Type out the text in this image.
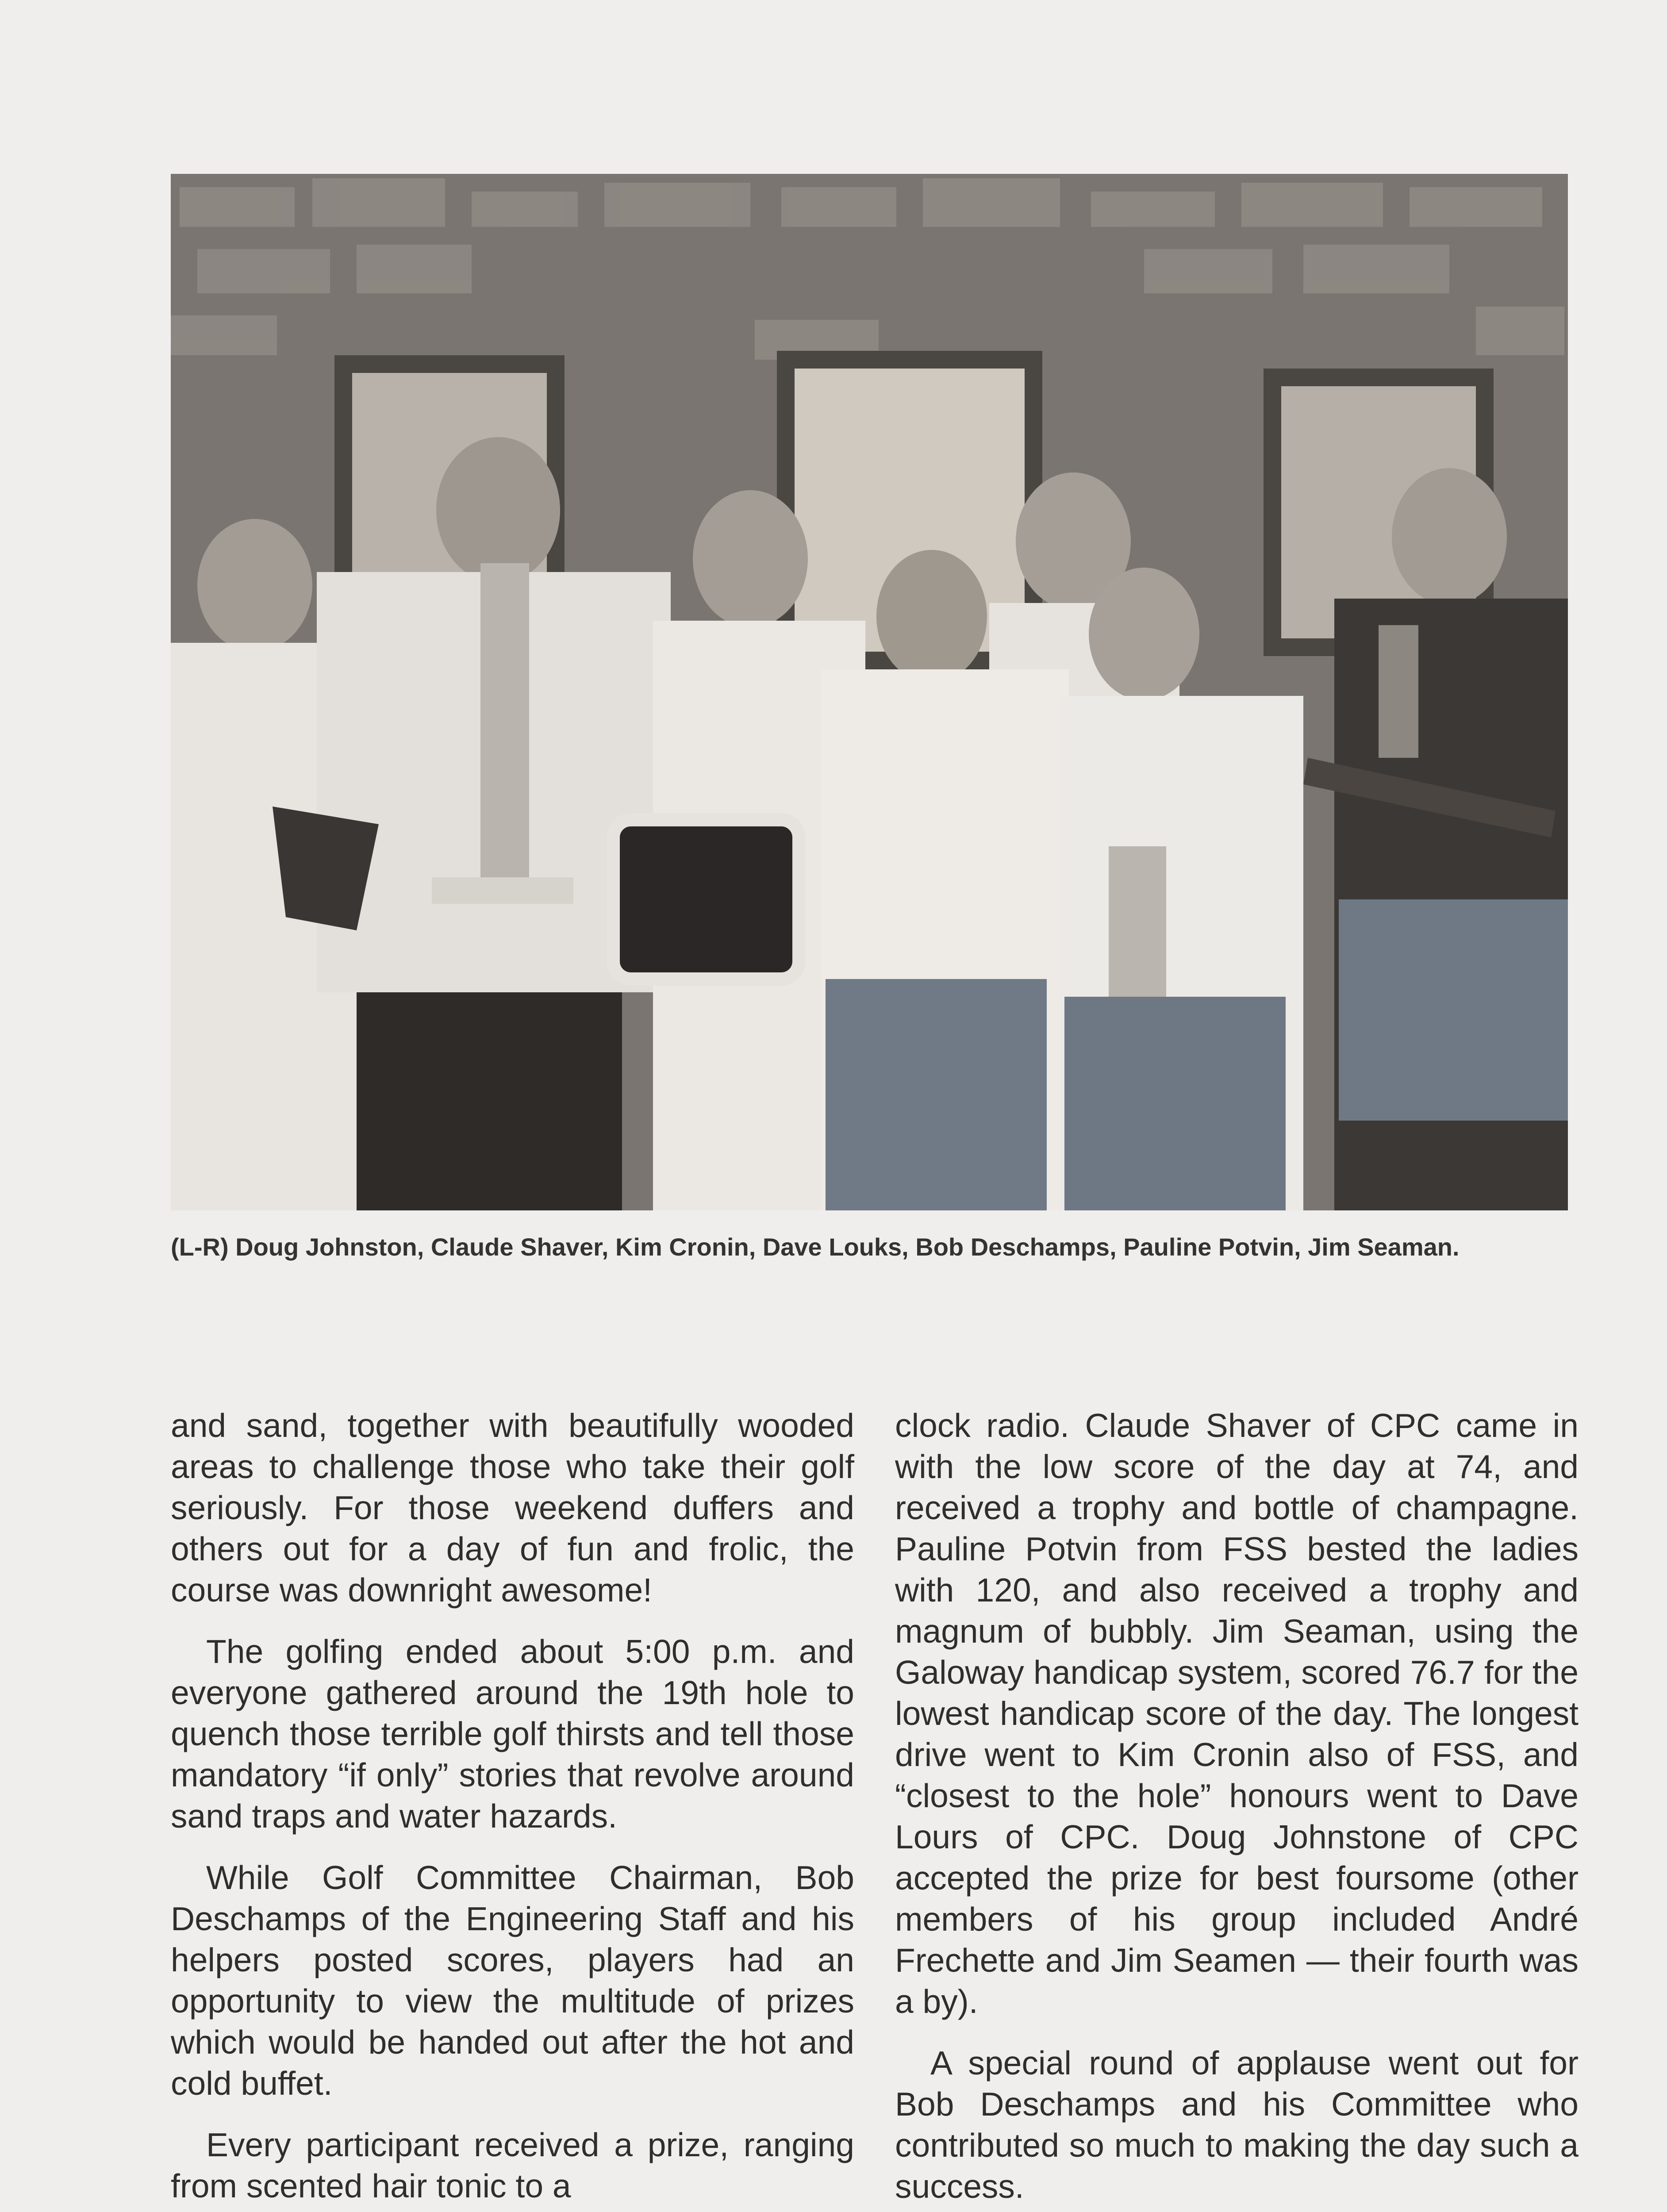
(L-R) Doug Johnston, Claude Shaver, Kim Cronin, Dave Louks, Bob Deschamps, Pauline Potvin, Jim Seaman.

and sand, together with beautifully wooded areas to challenge those who take their golf seriously. For those weekend duffers and others out for a day of fun and frolic, the course was downright awesome!

The golfing ended about 5:00 p.m. and everyone gathered around the 19th hole to quench those terrible golf thirsts and tell those mandatory “if only” stories that revolve around sand traps and water hazards.

While Golf Committee Chairman, Bob Deschamps of the Engineering Staff and his helpers posted scores, players had an opportunity to view the multitude of prizes which would be handed out after the hot and cold buffet.

Every participant received a prize, ranging from scented hair tonic to a

clock radio. Claude Shaver of CPC came in with the low score of the day at 74, and received a trophy and bottle of champagne. Pauline Potvin from FSS bested the ladies with 120, and also received a trophy and magnum of bubbly. Jim Seaman, using the Galoway handicap system, scored 76.7 for the lowest handicap score of the day. The longest drive went to Kim Cronin also of FSS, and “closest to the hole” honours went to Dave Lours of CPC. Doug Johnstone of CPC accepted the prize for best foursome (other members of his group included André Frechette and Jim Seamen — their fourth was a by).

A special round of applause went out for Bob Deschamps and his Committee who contributed so much to making the day such a success.
